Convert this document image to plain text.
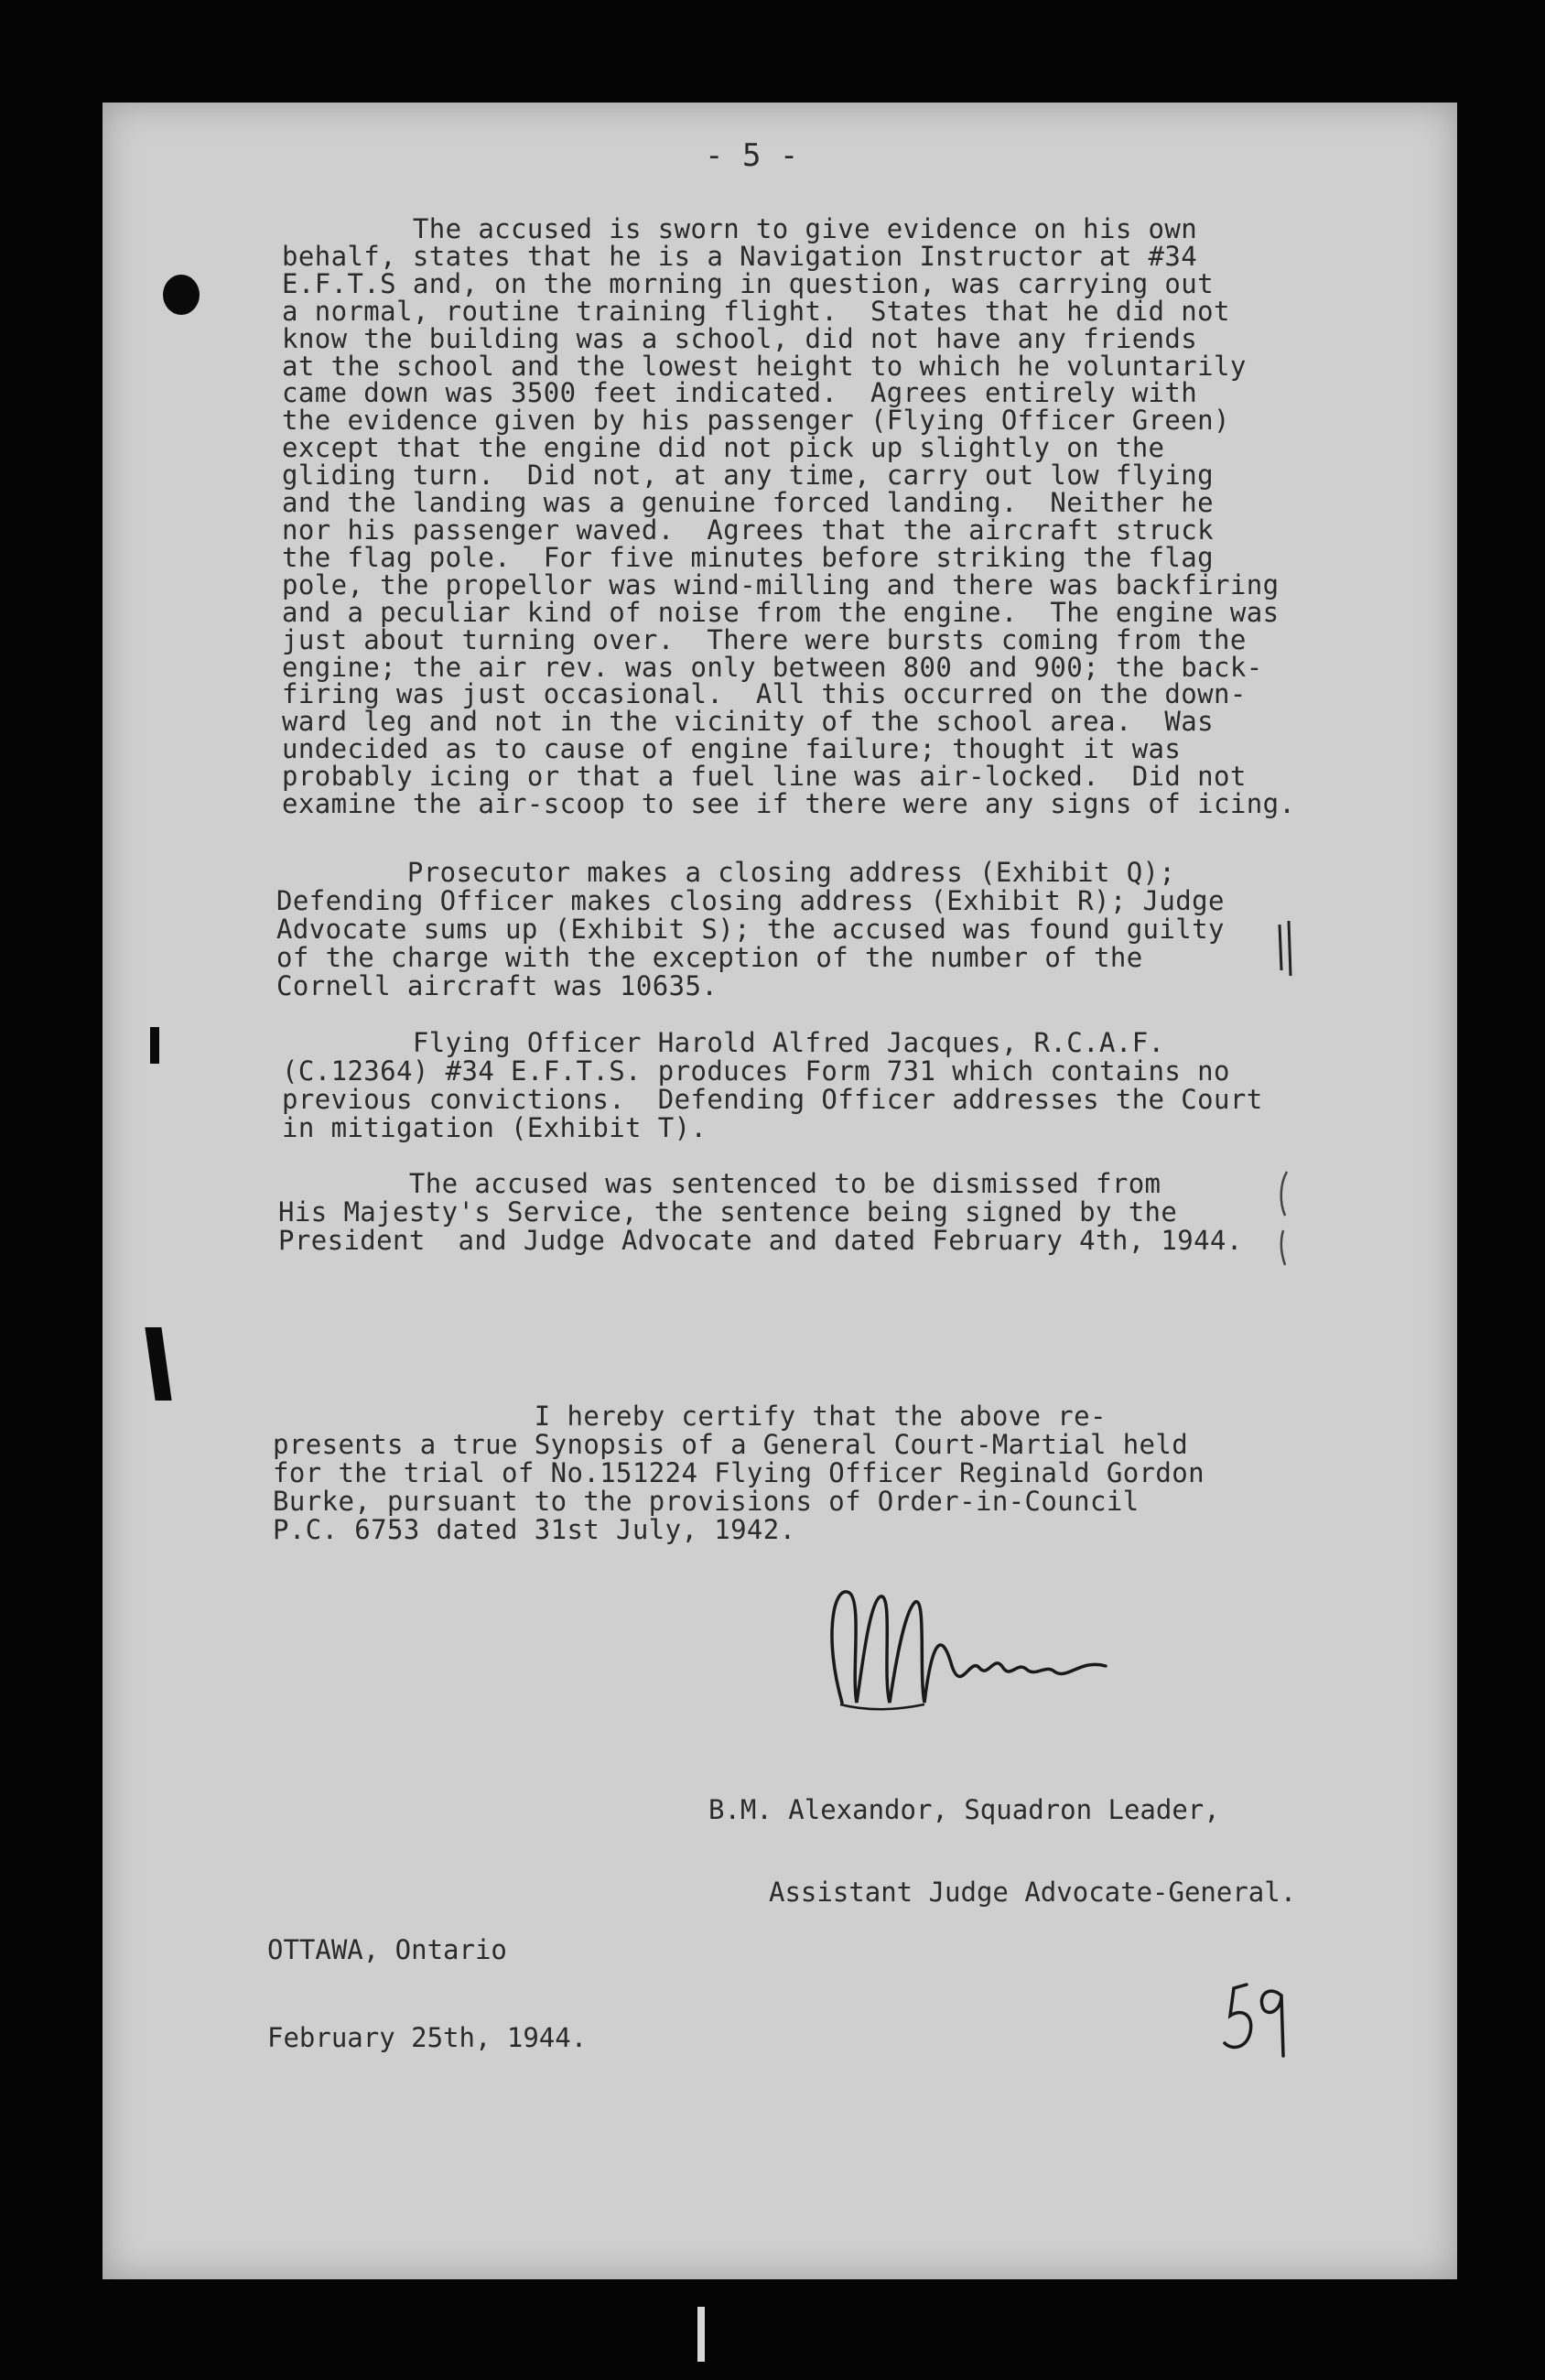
- 5 -
The accused is sworn to give evidence on his own
behalf, states that he is a Navigation Instructor at #34
E.F.T.S and, on the morning in question, was carrying out
a normal, routine training flight.  States that he did not
know the building was a school, did not have any friends
at the school and the lowest height to which he voluntarily
came down was 3500 feet indicated.  Agrees entirely with
the evidence given by his passenger (Flying Officer Green)
except that the engine did not pick up slightly on the
gliding turn.  Did not, at any time, carry out low flying
and the landing was a genuine forced landing.  Neither he
nor his passenger waved.  Agrees that the aircraft struck
the flag pole.  For five minutes before striking the flag
pole, the propellor was wind-milling and there was backfiring
and a peculiar kind of noise from the engine.  The engine was
just about turning over.  There were bursts coming from the
engine; the air rev. was only between 800 and 900; the back-
firing was just occasional.  All this occurred on the down-
ward leg and not in the vicinity of the school area.  Was
undecided as to cause of engine failure; thought it was
probably icing or that a fuel line was air-locked.  Did not
examine the air-scoop to see if there were any signs of icing.
Prosecutor makes a closing address (Exhibit Q);
Defending Officer makes closing address (Exhibit R); Judge
Advocate sums up (Exhibit S); the accused was found guilty
of the charge with the exception of the number of the
Cornell aircraft was 10635.
Flying Officer Harold Alfred Jacques, R.C.A.F.
(C.12364) #34 E.F.T.S. produces Form 731 which contains no
previous convictions.  Defending Officer addresses the Court
in mitigation (Exhibit T).
The accused was sentenced to be dismissed from
His Majesty's Service, the sentence being signed by the
President  and Judge Advocate and dated February 4th, 1944.
I hereby certify that the above re-
presents a true Synopsis of a General Court-Martial held
for the trial of No.151224 Flying Officer Reginald Gordon
Burke, pursuant to the provisions of Order-in-Council
P.C. 6753 dated 31st July, 1942.

B.M. Alexandor, Squadron Leader,

Assistant Judge Advocate-General.

OTTAWA, Ontario

February 25th, 1944.
